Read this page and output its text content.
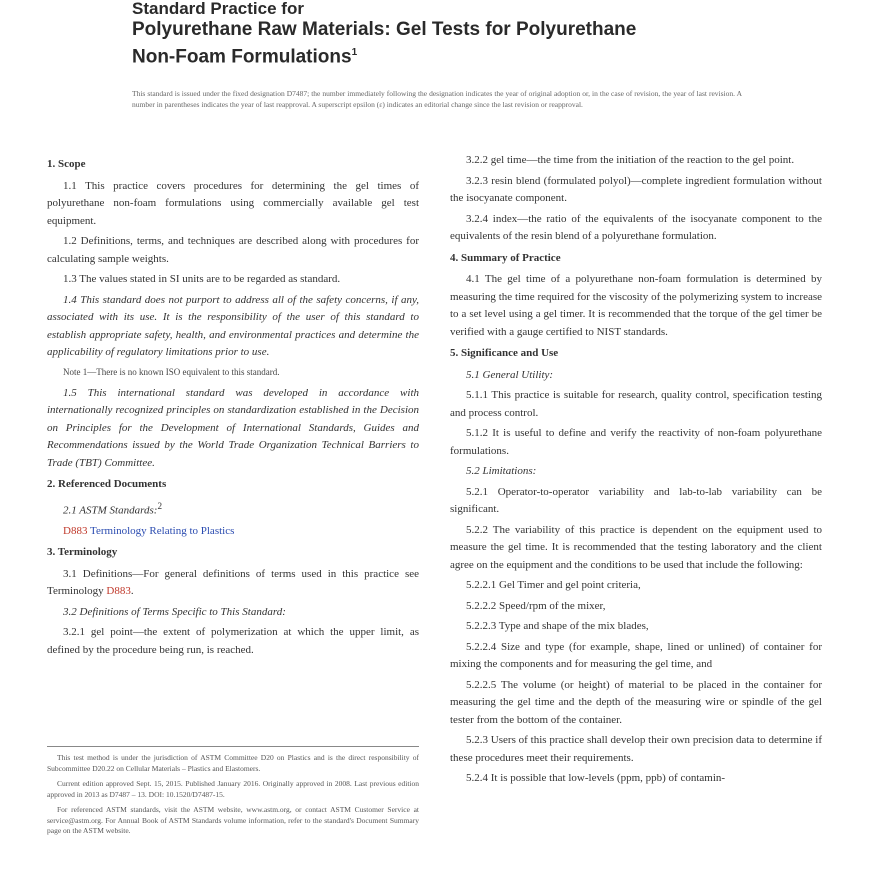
Standard Practice for
Polyurethane Raw Materials: Gel Tests for Polyurethane
Non-Foam Formulations$^1$
This standard is issued under the fixed designation D7487; the number immediately following the designation indicates the year of original adoption or, in the case of revision, the year of last revision. A number in parentheses indicates the year of last reapproval. A superscript epsilon (ε) indicates an editorial change since the last revision or reapproval.
1. Scope

1.1 This practice covers procedures for determining the gel times of polyurethane non-foam formulations using commercially available gel test equipment.

1.2 Definitions, terms, and techniques are described along with procedures for calculating sample weights.

1.3 The values stated in SI units are to be regarded as standard.

1.4 This standard does not purport to address all of the safety concerns, if any, associated with its use. It is the responsibility of the user of this standard to establish appropriate safety, health, and environmental practices and determine the applicability of regulatory limitations prior to use.

Note 1—There is no known ISO equivalent to this standard.

1.5 This international standard was developed in accordance with internationally recognized principles on standardization established in the Decision on Principles for the Development of International Standards, Guides and Recommendations issued by the World Trade Organization Technical Barriers to Trade (TBT) Committee.

2. Referenced Documents

2.1 ASTM Standards:$^2$

D883 Terminology Relating to Plastics

3. Terminology

3.1 Definitions—For general definitions of terms used in this practice see Terminology D883.

3.2 Definitions of Terms Specific to This Standard:

3.2.1 gel point—the extent of polymerization at which the upper limit, as defined by the procedure being run, is reached.

This test method is under the jurisdiction of ASTM Committee D20 on Plastics and is the direct responsibility of Subcommittee D20.22 on Cellular Materials – Plastics and Elastomers.

Current edition approved Sept. 15, 2015. Published January 2016. Originally approved in 2008. Last previous edition approved in 2013 as D7487 – 13. DOI: 10.1520/D7487-15.

For referenced ASTM standards, visit the ASTM website, www.astm.org, or contact ASTM Customer Service at service@astm.org. For Annual Book of ASTM Standards volume information, refer to the standard's Document Summary page on the ASTM website.

3.2.2 gel time—the time from the initiation of the reaction to the gel point.

3.2.3 resin blend (formulated polyol)—complete ingredient formulation without the isocyanate component.

3.2.4 index—the ratio of the equivalents of the isocyanate component to the equivalents of the resin blend of a polyurethane formulation.

4. Summary of Practice

4.1 The gel time of a polyurethane non-foam formulation is determined by measuring the time required for the viscosity of the polymerizing system to increase to a set level using a gel timer. It is recommended that the torque of the gel timer be verified with a gauge certified to NIST standards.

5. Significance and Use

5.1 General Utility:

5.1.1 This practice is suitable for research, quality control, specification testing and process control.

5.1.2 It is useful to define and verify the reactivity of non-foam polyurethane formulations.

5.2 Limitations:

5.2.1 Operator-to-operator variability and lab-to-lab variability can be significant.

5.2.2 The variability of this practice is dependent on the equipment used to measure the gel time. It is recommended that the testing laboratory and the client agree on the equipment and the conditions to be used that include the following:

5.2.2.1 Gel Timer and gel point criteria,

5.2.2.2 Speed/rpm of the mixer,

5.2.2.3 Type and shape of the mix blades,

5.2.2.4 Size and type (for example, shape, lined or unlined) of container for mixing the components and for measuring the gel time, and

5.2.2.5 The volume (or height) of material to be placed in the container for measuring the gel time and the depth of the measuring wire or spindle of the gel tester from the bottom of the container.

5.2.3 Users of this practice shall develop their own precision data to determine if these procedures meet their requirements.

5.2.4 It is possible that low-levels (ppm, ppb) of contamin-
